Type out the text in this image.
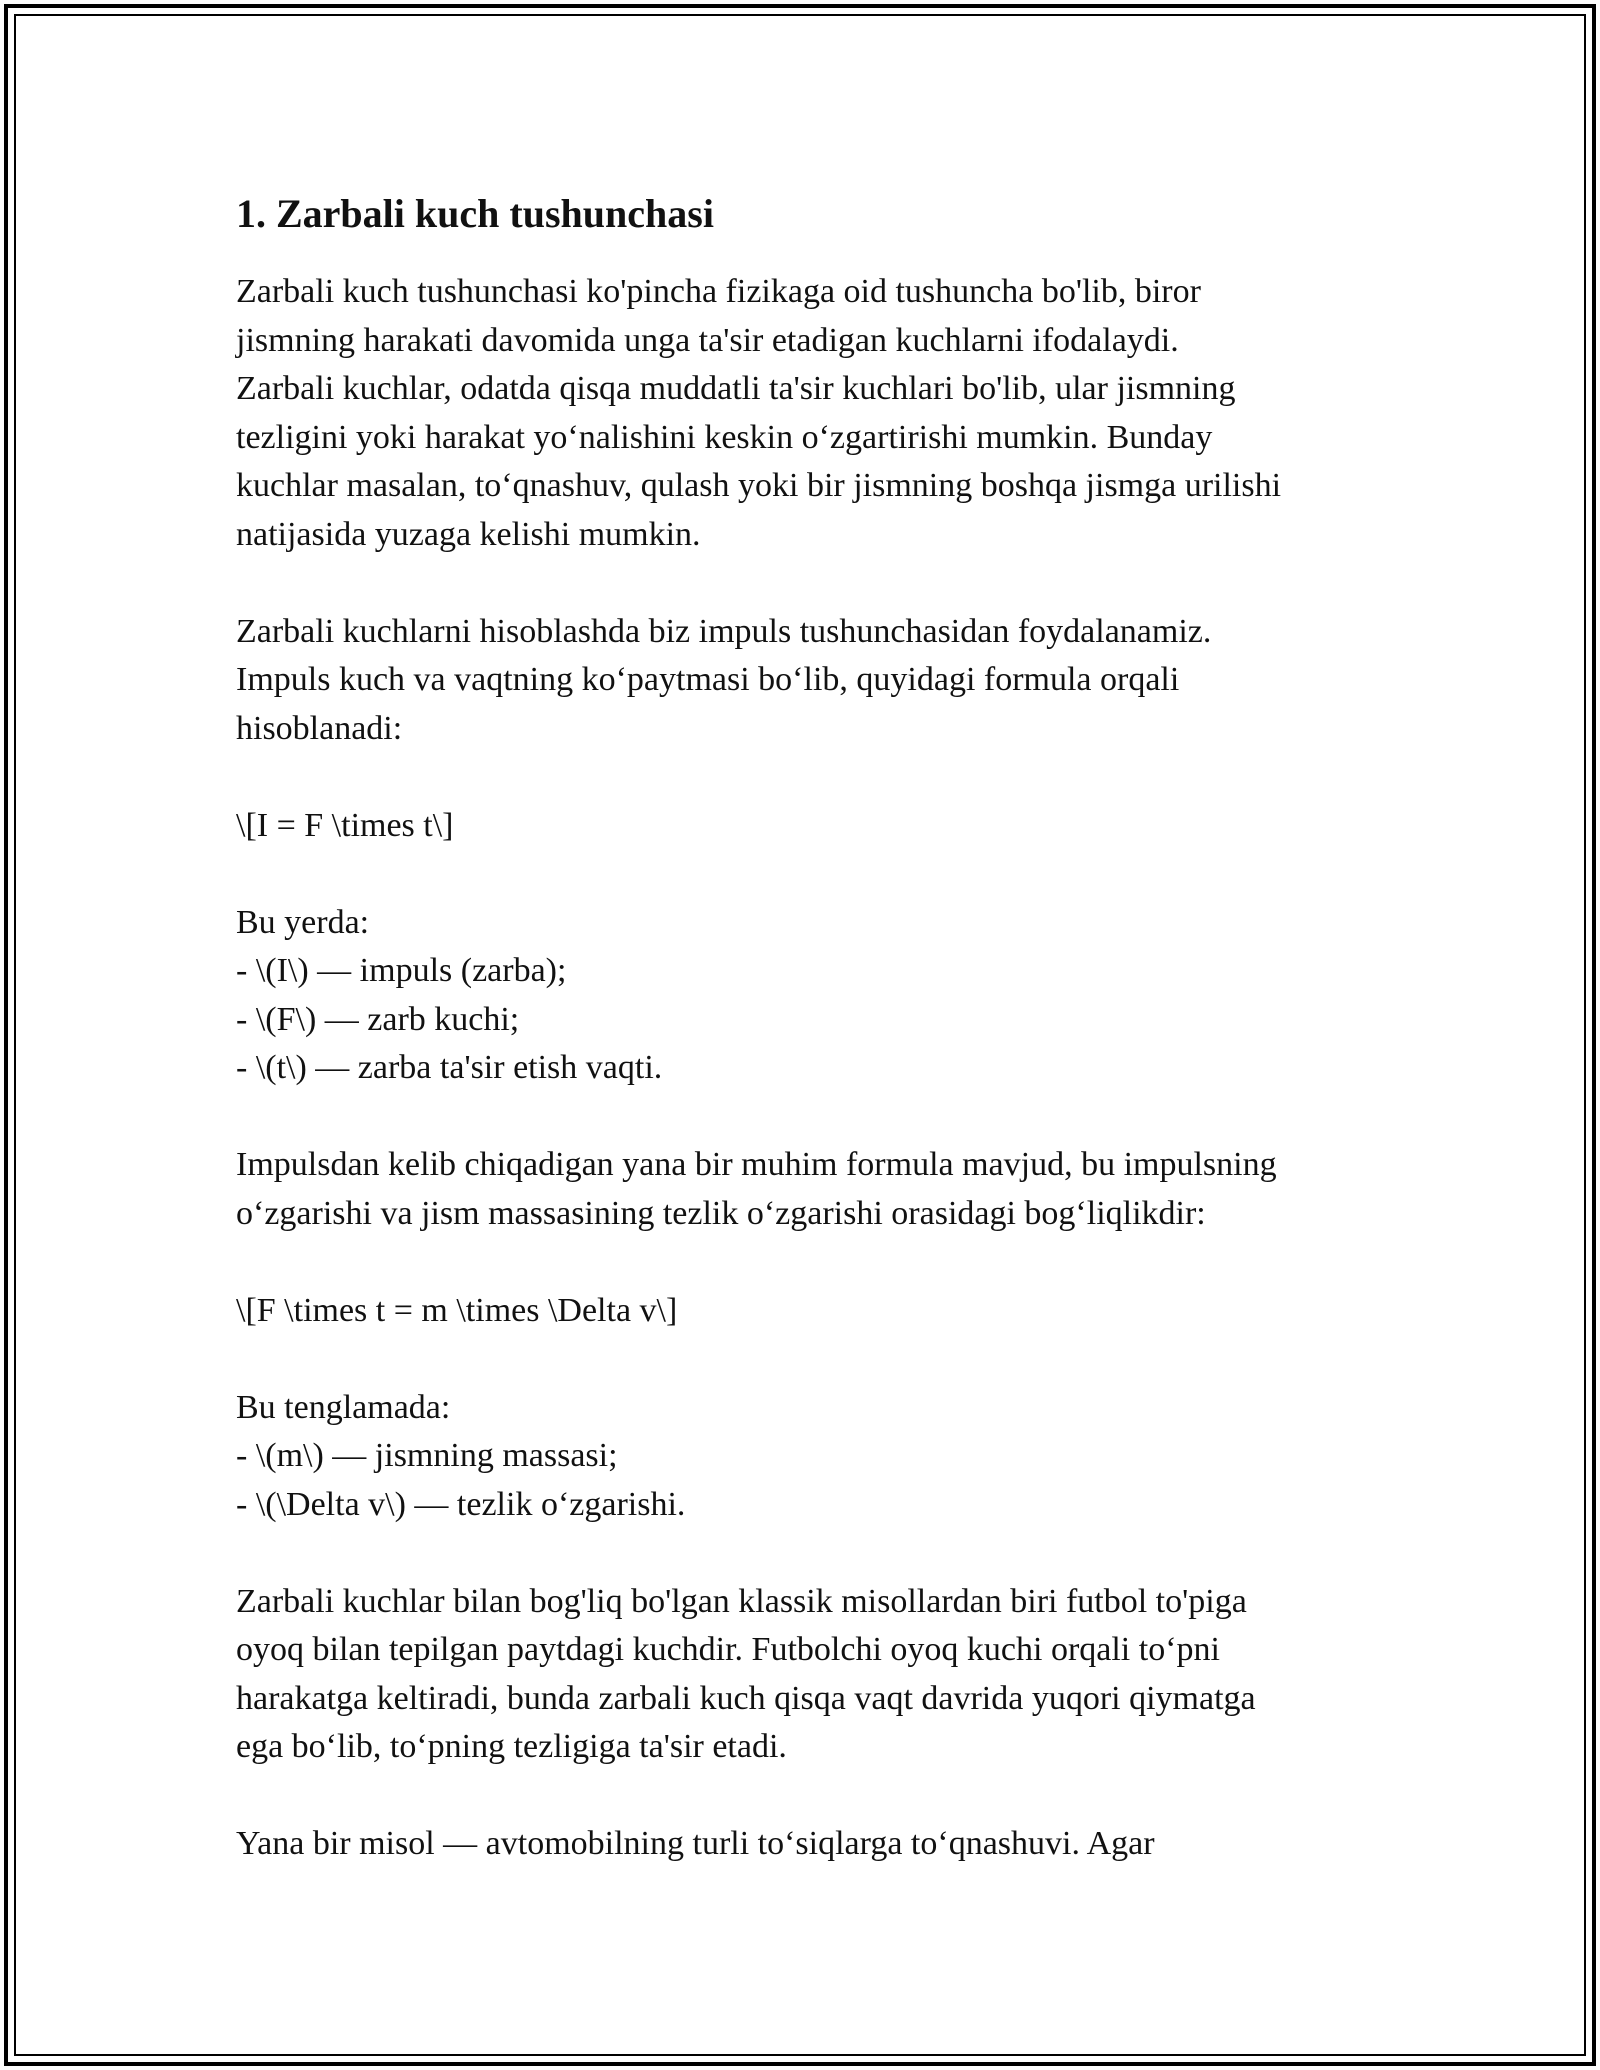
1. Zarbali kuch tushunchasi
Zarbali kuch tushunchasi ko'pincha fizikaga oid tushuncha bo'lib, biror
jismning harakati davomida unga ta'sir etadigan kuchlarni ifodalaydi.
Zarbali kuchlar, odatda qisqa muddatli ta'sir kuchlari bo'lib, ular jismning
tezligini yoki harakat yo‘nalishini keskin o‘zgartirishi mumkin. Bunday
kuchlar masalan, to‘qnashuv, qulash yoki bir jismning boshqa jismga urilishi
natijasida yuzaga kelishi mumkin.
Zarbali kuchlarni hisoblashda biz impuls tushunchasidan foydalanamiz.
Impuls kuch va vaqtning ko‘paytmasi bo‘lib, quyidagi formula orqali
hisoblanadi:
\[I = F \times t\]
Bu yerda:
- \(I\) — impuls (zarba);
- \(F\) — zarb kuchi;
- \(t\) — zarba ta'sir etish vaqti.
Impulsdan kelib chiqadigan yana bir muhim formula mavjud, bu impulsning
o‘zgarishi va jism massasining tezlik o‘zgarishi orasidagi bog‘liqlikdir:
\[F \times t = m \times \Delta v\]
Bu tenglamada:
- \(m\) — jismning massasi;
- \(\Delta v\) — tezlik o‘zgarishi.
Zarbali kuchlar bilan bog'liq bo'lgan klassik misollardan biri futbol to'piga
oyoq bilan tepilgan paytdagi kuchdir. Futbolchi oyoq kuchi orqali to‘pni
harakatga keltiradi, bunda zarbali kuch qisqa vaqt davrida yuqori qiymatga
ega bo‘lib, to‘pning tezligiga ta'sir etadi.
Yana bir misol — avtomobilning turli to‘siqlarga to‘qnashuvi. Agar
